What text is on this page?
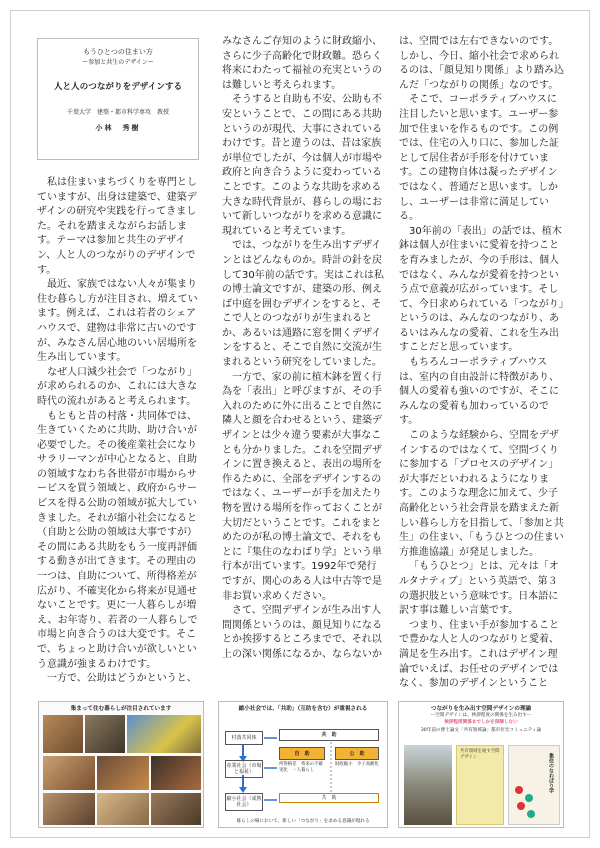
もうひとつの住まい方

ー参加と共生のデザインー

人と人のつながりをデザインする

千葉大学　建築・都市科学専攻　教授

小林　秀樹

私は住まいまちづくりを専門としていますが、出身は建築で、建築デザインの研究や実践を行ってきました。それを踏まえながらお話します。テーマは参加と共生のデザイン、人と人のつながりのデザインです。

最近、家族ではない人々が集まり住む暮らし方が注目され、増えています。例えば、これは若者のシェアハウスで、建物は非常に古いのですが、みなさん居心地のいい居場所を生み出しています。

なぜ人口減少社会で「つながり」が求められるのか、これには大きな時代の流れがあると考えられます。

もともと昔の村落・共同体では、生きていくために共助、助け合いが必要でした。その後産業社会になりサラリーマンが中心となると、自助の領域すなわち各世帯が市場からサービスを買う領域と、政府からサービスを得る公助の領域が拡大していきました。それが縮小社会になると（自助と公助の領域は大事ですが）その間にある共助をもう一度再評価する動きが出てきます。その理由の一つは、自助について、所得格差が広がり、不確実化から将来が見通せないことです。更に一人暮らしが増え、お年寄り、若者の一人暮らしで市場と向き合うのは大変です。そこで、ちょっと助け合いが欲しいという意識が強まるわけです。

一方で、公助はどうかというと、

みなさんご存知のように財政縮小、さらに少子高齢化で財政難。恐らく将来にわたって福祉の充実というのは難しいと考えられます。

そうすると自助も不安、公助も不安ということで、この間にある共助というのが現代、大事にされているわけです。昔と違うのは、昔は家族が単位でしたが、今は個人が市場や政府と向き合うように変わっていることです。このような共助を求める大きな時代背景が、暮らしの場において新しいつながりを求める意識に現れていると考えています。

では、つながりを生み出すデザインとはどんなものか。時計の針を戻して30年前の話です。実はこれは私の博士論文ですが、建築の形、例えば中庭を囲むデザインをすると、そこで人とのつながりが生まれるとか、あるいは通路に窓を開くデザインをすると、そこで自然に交流が生まれるという研究をしていました。

一方で、家の前に植木鉢を置く行為を「表出」と呼びますが、その手入れのために外に出ることで自然に隣人と顔を合わせるという、建築デザインとは少々違う要素が大事なことも分かりました。これを空間デザインに置き換えると、表出の場所を作るために、全部をデザインするのではなく、ユーザーが手を加えたり物を置ける場所を作っておくことが大切だということです。これをまとめたのが私の博士論文で、それをもとに『集住のなわばり学』という単行本が出ています。1992年で発行ですが、関心のある人は中古等で是非お買い求めください。

さて、空間デザインが生み出す人間関係というのは、顔見知りになるとか挨拶するところまでで、それ以上の深い関係になるか、ならないか

は、空間では左右できないのです。しかし、今日、縮小社会で求められるのは、「顔見知り関係」より踏み込んだ「つながりの関係」なのです。

そこで、コーポラティブハウスに注目したいと思います。ユーザー参加で住まいを作るものです。この例では、住宅の入り口に、参加した証として居住者が手形を付けています。この建物自体は凝ったデザインではなく、普通だと思います。しかし、ユーザーは非常に満足している。

30年前の「表出」の話では、植木鉢は個人が住まいに愛着を持つことを育みましたが、今の手形は、個人ではなく、みんなが愛着を持つという点で意義が広がっています。そして、今日求められている「つながり」というのは、みんなのつながり、あるいはみんなの愛着、これを生み出すことだと思っています。

もちろんコーポラティブハウスは、室内の自由設計に特徴があり、個人の愛着も強いのですが、そこにみんなの愛着も加わっているのです。

このような経験から、空間をデザインするのではなくて、空間づくりに参加する「プロセスのデザイン」が大事だといわれるようになります。このような理念に加えて、少子高齢化という社会背景を踏まえた新しい暮らし方を目指して、「参加と共生」の住まい、「もうひとつの住まい方推進協議」が発足しました。

「もうひとつ」とは、元々は「オルタナティブ」という英語で、第３の選択肢という意味です。日本語に訳す事は難しい言葉です。

つまり、住まい手が参加することで豊かな人と人のつながりと愛着、満足を生み出す。これはデザイン理論でいえば、お任せのデザインではなく、参加のデザインということ

集まって住む暮らしが注目されています	縮小社会では、「共助」（互助を含む）が重視される
村落共同体
産業社会（市場と福祉）
縮小社会（成熟社会）
共　助
自　助	公　助
所得格差　将来の不確実化　一人暮らし
財政縮小　少子高齢化
共　助
暮らしの場において、新しい「つながり」を求める意識が現れる
つながりを生み出す空間デザインの理論
ー空間デザインは、挨拶程度の関係を生み出すー
挨拶程度関係までしかを保障しない
30年前の博士論文「共有領域論」都市住宅コミュニティ論
共有領域を通す空間デザイン	集住のなわばり学
